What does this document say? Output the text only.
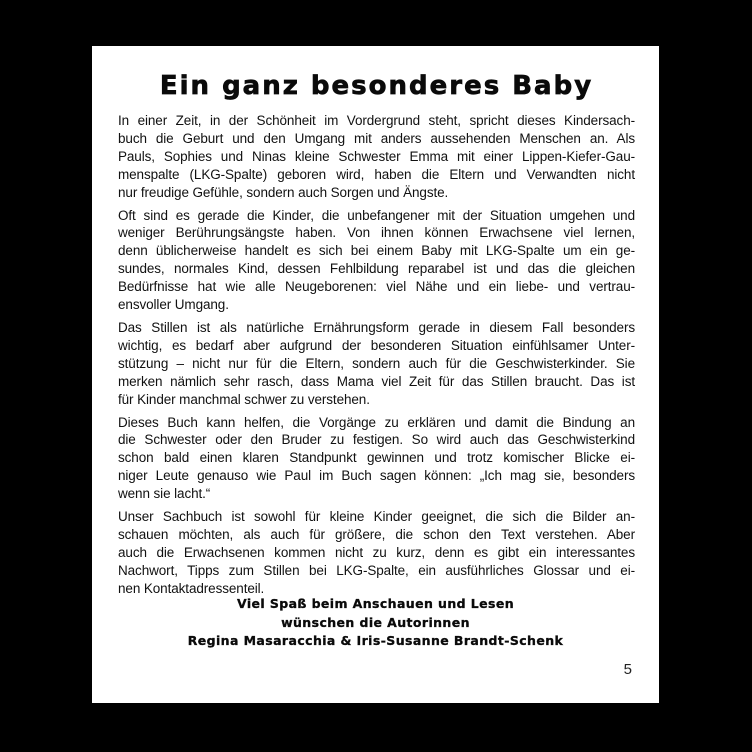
Ein ganz besonderes Baby
In einer Zeit, in der Schönheit im Vordergrund steht, spricht dieses Kindersach-
buch die Geburt und den Umgang mit anders aussehenden Menschen an. Als
Pauls, Sophies und Ninas kleine Schwester Emma mit einer Lippen-Kiefer-Gau-
menspalte (LKG-Spalte) geboren wird, haben die Eltern und Verwandten nicht
nur freudige Gefühle, sondern auch Sorgen und Ängste.
Oft sind es gerade die Kinder, die unbefangener mit der Situation umgehen und
weniger Berührungsängste haben. Von ihnen können Erwachsene viel lernen,
denn üblicherweise handelt es sich bei einem Baby mit LKG-Spalte um ein ge-
sundes, normales Kind, dessen Fehlbildung reparabel ist und das die gleichen
Bedürfnisse hat wie alle Neugeborenen: viel Nähe und ein liebe- und vertrau-
ensvoller Umgang.
Das Stillen ist als natürliche Ernährungsform gerade in diesem Fall besonders
wichtig, es bedarf aber aufgrund der besonderen Situation einfühlsamer Unter-
stützung – nicht nur für die Eltern, sondern auch für die Geschwisterkinder. Sie
merken nämlich sehr rasch, dass Mama viel Zeit für das Stillen braucht. Das ist
für Kinder manchmal schwer zu verstehen.
Dieses Buch kann helfen, die Vorgänge zu erklären und damit die Bindung an
die Schwester oder den Bruder zu festigen. So wird auch das Geschwisterkind
schon bald einen klaren Standpunkt gewinnen und trotz komischer Blicke ei-
niger Leute genauso wie Paul im Buch sagen können: „Ich mag sie, besonders
wenn sie lacht.“
Unser Sachbuch ist sowohl für kleine Kinder geeignet, die sich die Bilder an-
schauen möchten, als auch für größere, die schon den Text verstehen. Aber
auch die Erwachsenen kommen nicht zu kurz, denn es gibt ein interessantes
Nachwort, Tipps zum Stillen bei LKG-Spalte, ein ausführliches Glossar und ei-
nen Kontaktadressenteil.
Viel Spaß beim Anschauen und Lesen
wünschen die Autorinnen
Regina Masaracchia & Iris-Susanne Brandt-Schenk
5
